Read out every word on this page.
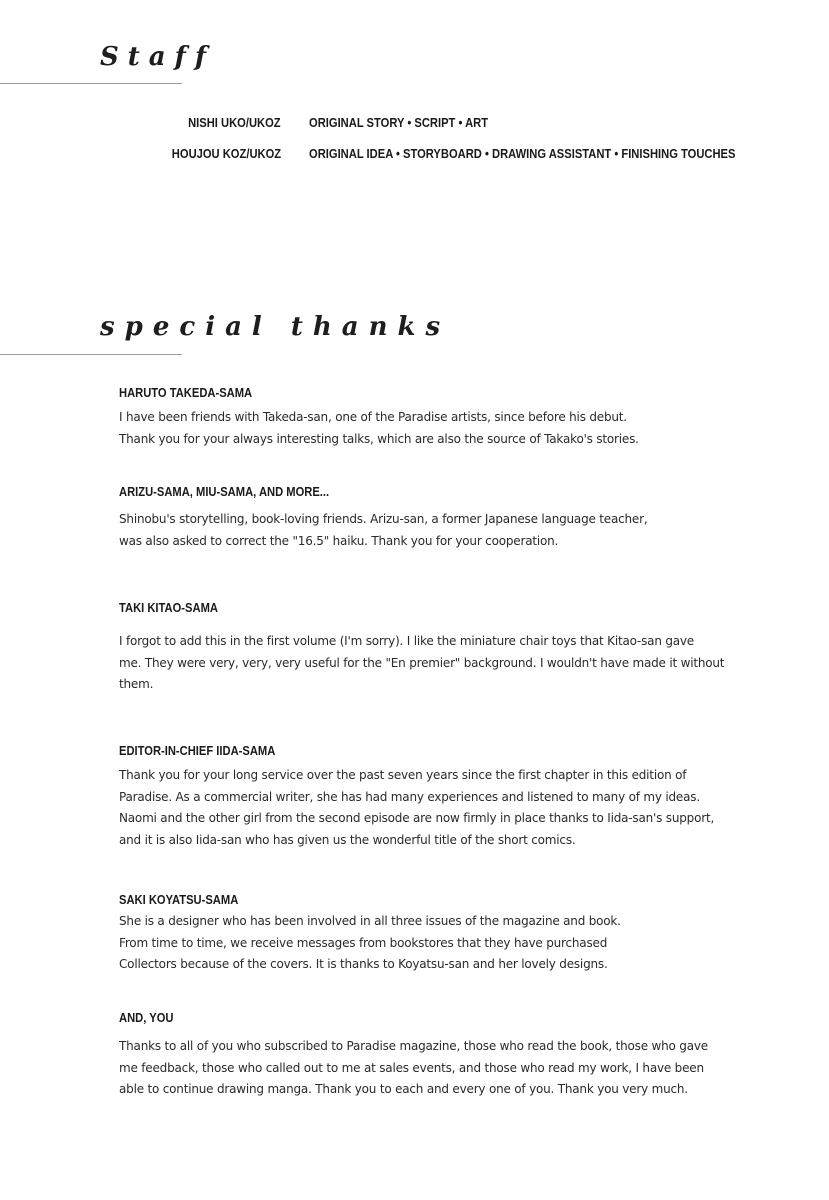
Staff
NISHI UKO/UKOZ ORIGINAL STORY • SCRIPT • ART
HOUJOU KOZ/UKOZ ORIGINAL IDEA • STORYBOARD • DRAWING ASSISTANT • FINISHING TOUCHES
special thanks
HARUTO TAKEDA-SAMA
I have been friends with Takeda-san, one of the Paradise artists, since before his debut.
Thank you for your always interesting talks, which are also the source of Takako's stories.
ARIZU-SAMA, MIU-SAMA, AND MORE...
Shinobu's storytelling, book-loving friends. Arizu-san, a former Japanese language teacher,
was also asked to correct the "16.5" haiku. Thank you for your cooperation.
TAKI KITAO-SAMA
I forgot to add this in the first volume (I'm sorry). I like the miniature chair toys that Kitao-san gave
me. They were very, very, very useful for the "En premier" background. I wouldn't have made it without
them.
EDITOR-IN-CHIEF IIDA-SAMA
Thank you for your long service over the past seven years since the first chapter in this edition of
Paradise. As a commercial writer, she has had many experiences and listened to many of my ideas.
Naomi and the other girl from the second episode are now firmly in place thanks to Iida-san's support,
and it is also Iida-san who has given us the wonderful title of the short comics.
SAKI KOYATSU-SAMA
She is a designer who has been involved in all three issues of the magazine and book.
From time to time, we receive messages from bookstores that they have purchased
Collectors because of the covers. It is thanks to Koyatsu-san and her lovely designs.
AND, YOU
Thanks to all of you who subscribed to Paradise magazine, those who read the book, those who gave
me feedback, those who called out to me at sales events, and those who read my work, I have been
able to continue drawing manga. Thank you to each and every one of you. Thank you very much.
